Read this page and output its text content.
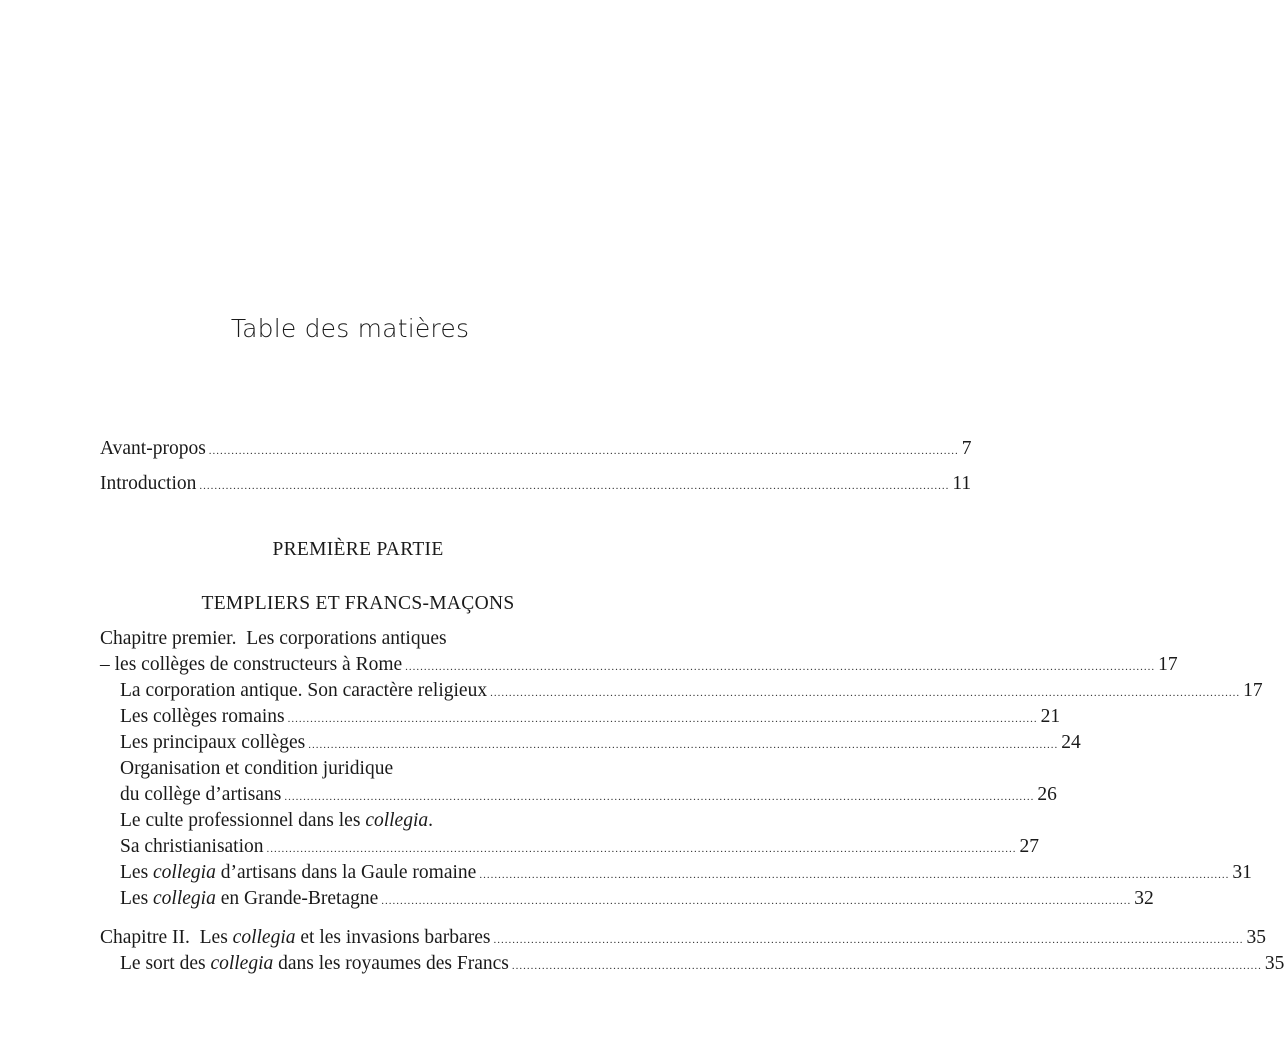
Table des matières
Avant-propos ........................................................................................................................................................................................................ 7
Introduction ........................................................................................................................................................................................................ 11
PREMIÈRE PARTIE
TEMPLIERS ET FRANCS-MAÇONS
Chapitre premier.  Les corporations antiques
– les collèges de constructeurs à Rome ........................................................................................................................................................................................................ 17
La corporation antique. Son caractère religieux ........................................................................................................................................................................................................ 17
Les collèges romains ........................................................................................................................................................................................................ 21
Les principaux collèges ........................................................................................................................................................................................................ 24
Organisation et condition juridique
du collège d’artisans ........................................................................................................................................................................................................ 26
Le culte professionnel dans les collegia.
Sa christianisation ........................................................................................................................................................................................................ 27
Les collegia d’artisans dans la Gaule romaine ........................................................................................................................................................................................................ 31
Les collegia en Grande-Bretagne ........................................................................................................................................................................................................ 32
Chapitre II.  Les collegia et les invasions barbares ........................................................................................................................................................................................................ 35
Le sort des collegia dans les royaumes des Francs ........................................................................................................................................................................................................ 35
